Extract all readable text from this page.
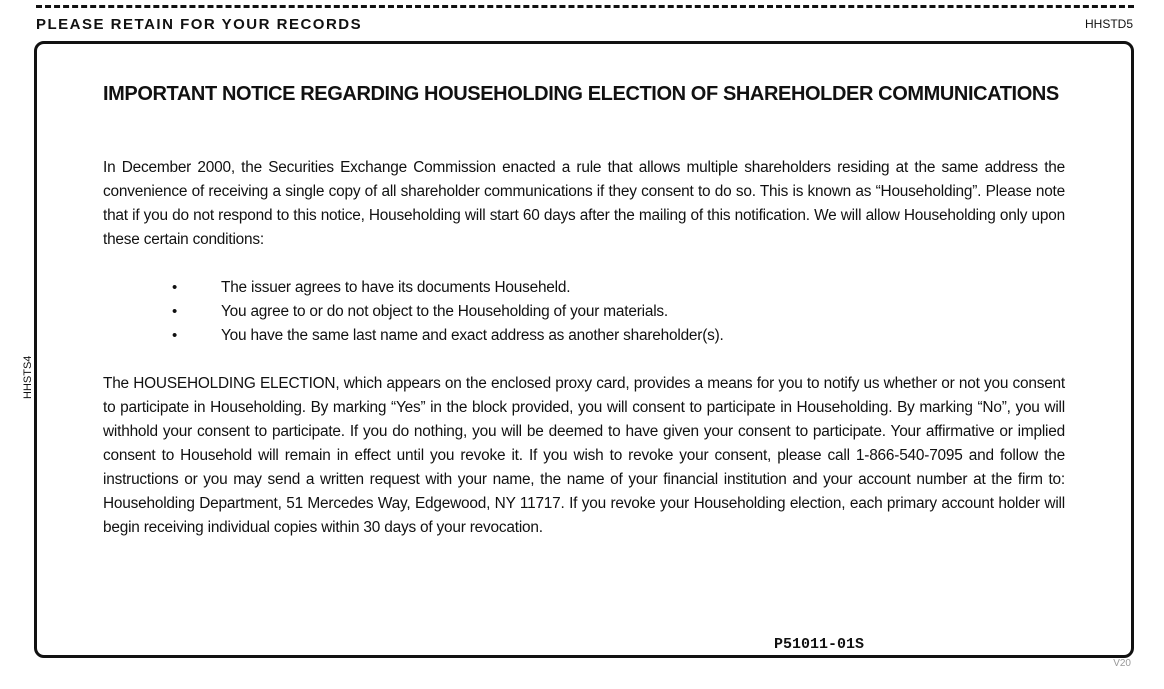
PLEASE RETAIN FOR YOUR RECORDS	HHSTD5
HHSTS4
IMPORTANT NOTICE REGARDING HOUSEHOLDING ELECTION OF SHAREHOLDER COMMUNICATIONS

In December 2000, the Securities Exchange Commission enacted a rule that allows multiple shareholders residing at the same address the convenience of receiving a single copy of all shareholder communications if they consent to do so. This is known as “Householding”. Please note that if you do not respond to this notice, Householding will start 60 days after the mailing of this notification. We will allow Householding only upon these certain conditions:

•	The issuer agrees to have its documents Househeld.
•	You agree to or do not object to the Householding of your materials.
•	You have the same last name and exact address as another shareholder(s).

The HOUSEHOLDING ELECTION, which appears on the enclosed proxy card, provides a means for you to notify us whether or not you consent to participate in Householding. By marking “Yes” in the block provided, you will consent to participate in Householding. By marking “No”, you will withhold your consent to participate. If you do nothing, you will be deemed to have given your consent to participate. Your affirmative or implied consent to Household will remain in effect until you revoke it. If you wish to revoke your consent, please call 1-866-540-7095 and follow the instructions or you may send a written request with your name, the name of your financial institution and your account number at the firm to: Householding Department, 51 Mercedes Way, Edgewood, NY 11717. If you revoke your Householding election, each primary account holder will begin receiving individual copies within 30 days of your revocation.

P51011-01S
V20
